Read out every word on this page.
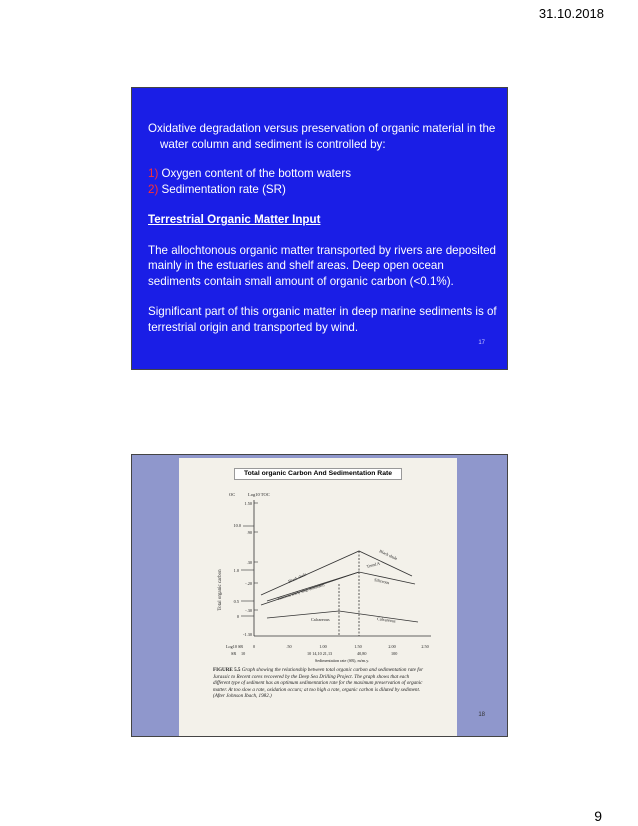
31.10.2018

Oxidative degradation versus preservation of organic material in the water column and sediment is controlled by:

1) Oxygen content of the bottom waters

2) Sedimentation rate (SR)

Terrestrial Organic Matter Input

The allochtonous organic matter transported by rivers are deposited mainly in the estuaries and shelf areas. Deep open ocean sediments contain small amount of organic carbon (<0.1%).

Significant part of this organic matter in deep marine sediments is of terrestrial origin and transported by wind.

17
Total organic Carbon And Sedimentation Rate
OC	Log10 TOC
Total organic carbon
1.50
.90
.30
-.20
-.30
-1.30
10.0
1.0
0.5
0
Black shale
Black shale
Trend A
Siliceous
Siliceous (early diag. dominant)
Calcareous	Calcareous
Log10 SR
SR
0	.50	1.00	1.50	2.00	2.50
10	10 14,10 21,13	40,80	100
Sedimentation rate (SR), m/m.y.
FIGURE 5.5 Graph showing the relationship between total organic carbon and sedimentation rate for Jurassic to Recent cores recovered by the Deep Sea Drilling Project. The graph shows that each different type of sediment has an optimum sedimentation rate for the maximum preservation of organic matter. At too slow a rate, oxidation occurs; at too high a rate, organic carbon is diluted by sediment. (After Johnson Ibach, 1982.)
18
9
